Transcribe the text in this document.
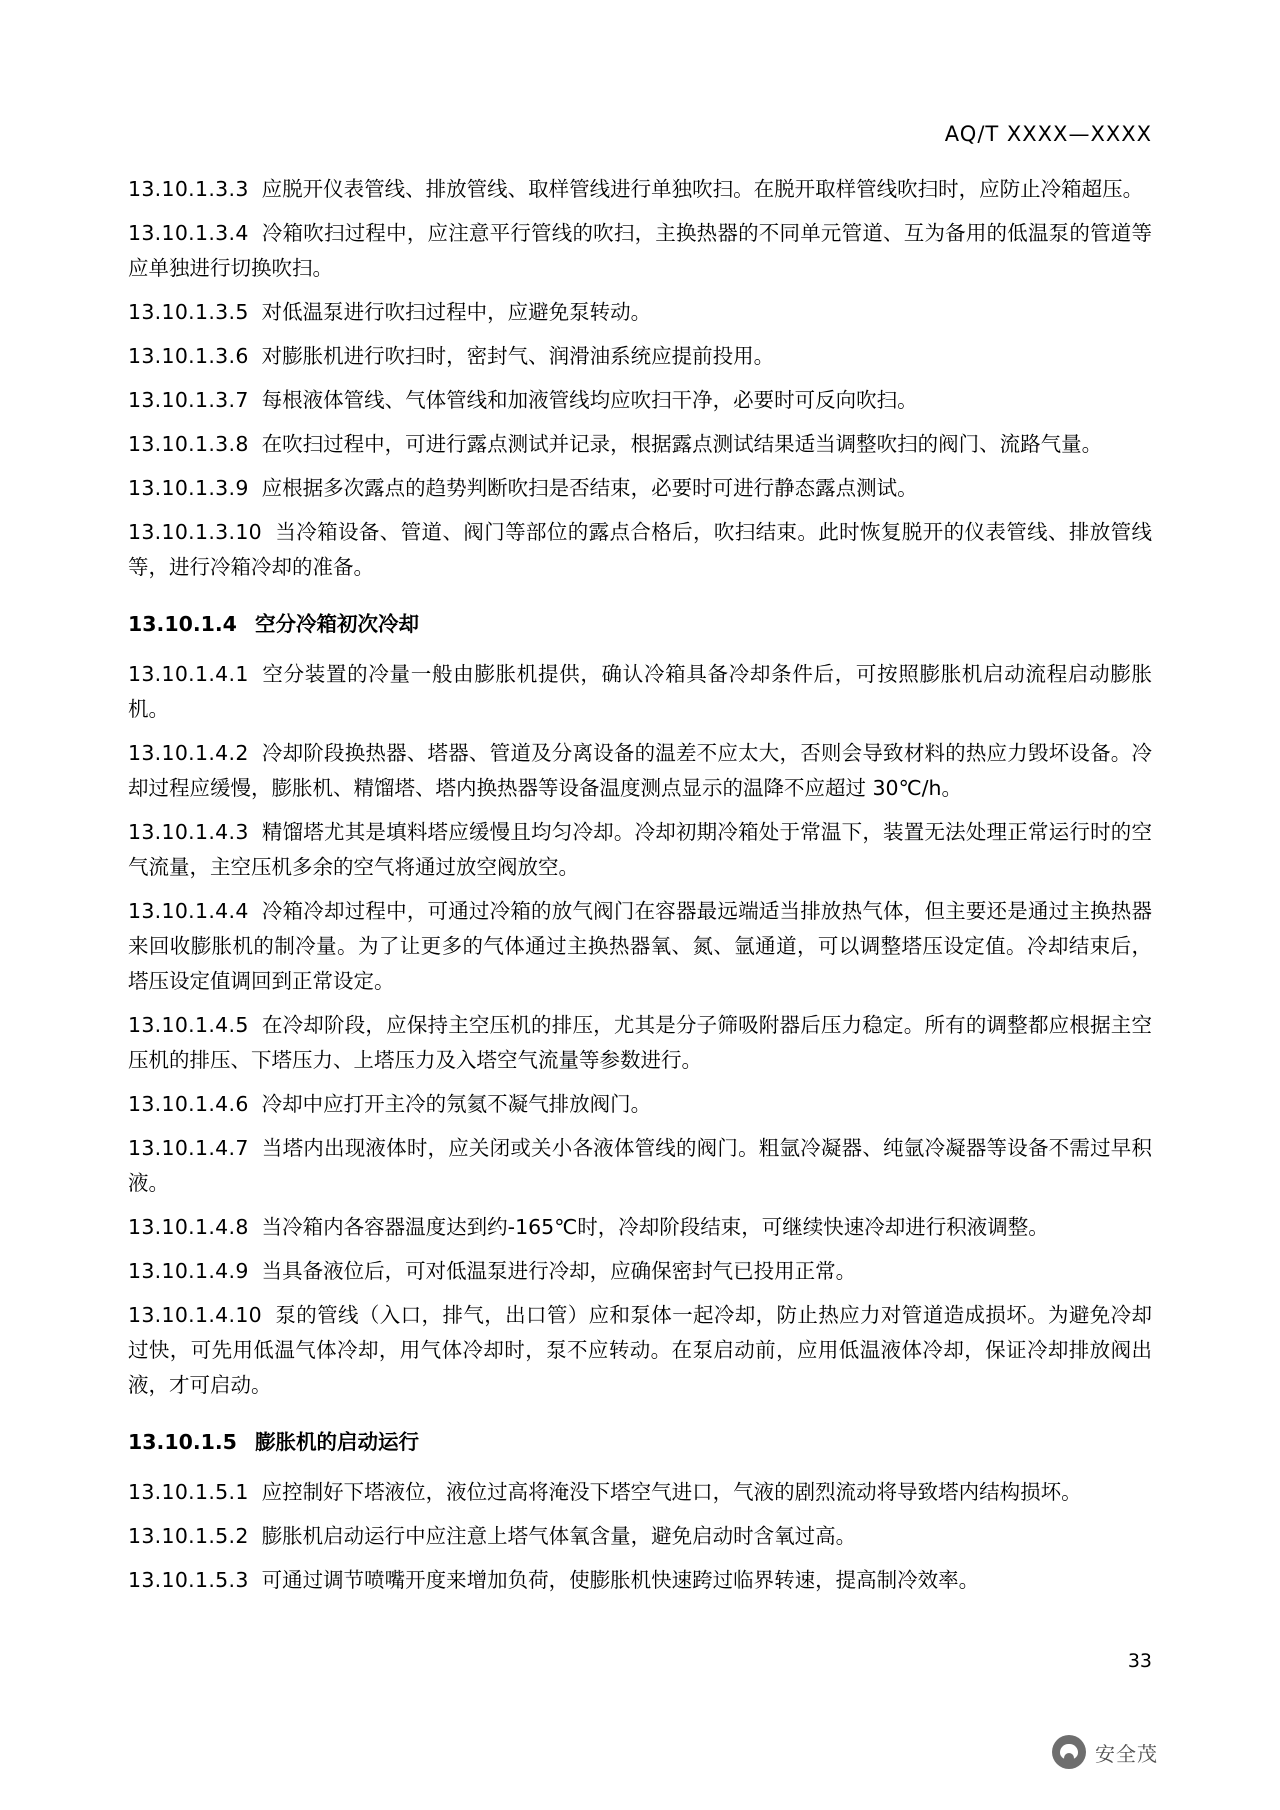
AQ/T XXXX—XXXX

13.10.1.3.3 应脱开仪表管线、排放管线、取样管线进行单独吹扫。在脱开取样管线吹扫时，应防止冷箱超压。

13.10.1.3.4 冷箱吹扫过程中，应注意平行管线的吹扫，主换热器的不同单元管道、互为备用的低温泵的管道等应单独进行切换吹扫。

13.10.1.3.5 对低温泵进行吹扫过程中，应避免泵转动。

13.10.1.3.6 对膨胀机进行吹扫时，密封气、润滑油系统应提前投用。

13.10.1.3.7 每根液体管线、气体管线和加液管线均应吹扫干净，必要时可反向吹扫。

13.10.1.3.8 在吹扫过程中，可进行露点测试并记录，根据露点测试结果适当调整吹扫的阀门、流路气量。

13.10.1.3.9 应根据多次露点的趋势判断吹扫是否结束，必要时可进行静态露点测试。

13.10.1.3.10 当冷箱设备、管道、阀门等部位的露点合格后，吹扫结束。此时恢复脱开的仪表管线、排放管线等，进行冷箱冷却的准备。

13.10.1.4 空分冷箱初次冷却

13.10.1.4.1 空分装置的冷量一般由膨胀机提供，确认冷箱具备冷却条件后，可按照膨胀机启动流程启动膨胀机。

13.10.1.4.2 冷却阶段换热器、塔器、管道及分离设备的温差不应太大，否则会导致材料的热应力毁坏设备。冷却过程应缓慢，膨胀机、精馏塔、塔内换热器等设备温度测点显示的温降不应超过 30℃/h。

13.10.1.4.3 精馏塔尤其是填料塔应缓慢且均匀冷却。冷却初期冷箱处于常温下，装置无法处理正常运行时的空气流量，主空压机多余的空气将通过放空阀放空。

13.10.1.4.4 冷箱冷却过程中，可通过冷箱的放气阀门在容器最远端适当排放热气体，但主要还是通过主换热器来回收膨胀机的制冷量。为了让更多的气体通过主换热器氧、氮、氩通道，可以调整塔压设定值。冷却结束后，塔压设定值调回到正常设定。

13.10.1.4.5 在冷却阶段，应保持主空压机的排压，尤其是分子筛吸附器后压力稳定。所有的调整都应根据主空压机的排压、下塔压力、上塔压力及入塔空气流量等参数进行。

13.10.1.4.6 冷却中应打开主冷的氖氦不凝气排放阀门。

13.10.1.4.7 当塔内出现液体时，应关闭或关小各液体管线的阀门。粗氩冷凝器、纯氩冷凝器等设备不需过早积液。

13.10.1.4.8 当冷箱内各容器温度达到约-165℃时，冷却阶段结束，可继续快速冷却进行积液调整。

13.10.1.4.9 当具备液位后，可对低温泵进行冷却，应确保密封气已投用正常。

13.10.1.4.10 泵的管线（入口，排气，出口管）应和泵体一起冷却，防止热应力对管道造成损坏。为避免冷却过快，可先用低温气体冷却，用气体冷却时，泵不应转动。在泵启动前，应用低温液体冷却，保证冷却排放阀出液，才可启动。

13.10.1.5 膨胀机的启动运行

13.10.1.5.1 应控制好下塔液位，液位过高将淹没下塔空气进口，气液的剧烈流动将导致塔内结构损坏。

13.10.1.5.2 膨胀机启动运行中应注意上塔气体氧含量，避免启动时含氧过高。

13.10.1.5.3 可通过调节喷嘴开度来增加负荷，使膨胀机快速跨过临界转速，提高制冷效率。

33
安全茂
